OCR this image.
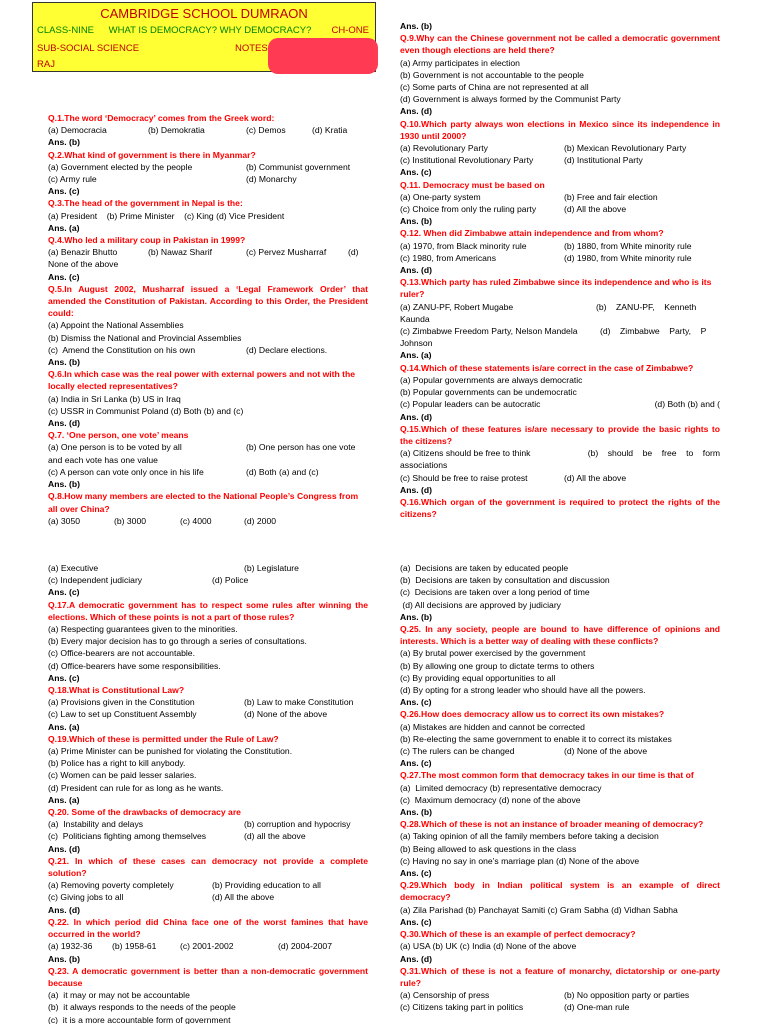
CAMBRIDGE SCHOOL DUMRAON
CLASS-NINE WHAT IS DEMOCRACY? WHY DEMOCRACY? CH-ONE
SUB-SOCIAL SCIENCE	NOTES
RAJ
Q.1.The word ‘Democracy’ comes from the Greek word:
(a) Democracia	(b) Demokratia	(c) Demos	(d) Kratia
Ans. (b)
Q.2.What kind of government is there in Myanmar?
(a) Government elected by the people	(b) Communist government
(c) Army rule	(d) Monarchy
Ans. (c)
Q.3.The head of the government in Nepal is the:
(a) President    (b) Prime Minister    (c) King (d) Vice President
Ans. (a)
Q.4.Who led a military coup in Pakistan in 1999?
(a) Benazir Bhutto	(b) Nawaz Sharif	(c) Pervez Musharraf	(d)
None of the above
Ans. (c)
Q.5.In August 2002, Musharraf issued a ‘Legal Framework Order’ that amended the Constitution of Pakistan. According to this Order, the President could:
(a) Appoint the National Assemblies
(b) Dismiss the National and Provincial Assemblies
(c)  Amend the Constitution on his own	(d) Declare elections.
Ans. (b)
Q.6.In which case was the real power with external powers and not with the locally elected representatives?
(a) India in Sri Lanka (b) US in Iraq
(c) USSR in Communist Poland (d) Both (b) and (c)
Ans. (d)
Q.7. ‘One person, one vote’ means
(a) One person is to be voted by all	(b) One person has one vote
and each vote has one value
(c) A person can vote only once in his life	(d) Both (a) and (c)
Ans. (b)
Q.8.How many members are elected to the National People’s Congress from all over China?
(a) 3050	(b) 3000	(c) 4000	(d) 2000
Ans. (b)
Q.9.Why can the Chinese government not be called a democratic government even though elections are held there?
(a) Army participates in election
(b) Government is not accountable to the people
(c) Some parts of China are not represented at all
(d) Government is always formed by the Communist Party
Ans. (d)
Q.10.Which party always won elections in Mexico since its independence in 1930 until 2000?
(a) Revolutionary Party	(b) Mexican Revolutionary Party
(c) Institutional Revolutionary Party	(d) Institutional Party
Ans. (c)
Q.11. Democracy must be based on
(a) One-party system	(b) Free and fair election
(c) Choice from only the ruling party	(d) All the above
Ans. (b)
Q.12. When did Zimbabwe attain independence and from whom?
(a) 1970, from Black minority rule	(b) 1880, from White minority rule
(c) 1980, from Americans	(d) 1980, from White minority rule
Ans. (d)
Q.13.Which party has ruled Zimbabwe since its independence and who is its ruler?
(a) ZANU-PF, Robert Mugabe	(b)    ZANU-PF,    Kenneth
Kaunda
(c) Zimbabwe Freedom Party, Nelson Mandela	(d)    Zimbabwe    Party,    P
Johnson
Ans. (a)
Q.14.Which of these statements is/are correct in the case of Zimbabwe?
(a) Popular governments are always democratic
(b) Popular governments can be undemocratic
(c) Popular leaders can be autocratic	(d) Both (b) and (
Ans. (d)
Q.15.Which of these features is/are necessary to provide the basic rights to the citizens?
(a) Citizens should be free to think	(b)    should    be    free    to    form
associations
(c) Should be free to raise protest	(d) All the above
Ans. (d)
Q.16.Which organ of the government is required to protect the rights of the citizens?
(a) Executive	(b) Legislature
(c) Independent judiciary	(d) Police
Ans. (c)
Q.17.A democratic government has to respect some rules after winning the elections. Which of these points is not a part of those rules?
(a) Respecting guarantees given to the minorities.
(b) Every major decision has to go through a series of consultations.
(c) Office-bearers are not accountable.
(d) Office-bearers have some responsibilities.
Ans. (c)
Q.18.What is Constitutional Law?
(a) Provisions given in the Constitution	(b) Law to make Constitution
(c) Law to set up Constituent Assembly	(d) None of the above
Ans. (a)
Q.19.Which of these is permitted under the Rule of Law?
(a) Prime Minister can be punished for violating the Constitution.
(b) Police has a right to kill anybody.
(c) Women can be paid lesser salaries.
(d) President can rule for as long as he wants.
Ans. (a)
Q.20. Some of the drawbacks of democracy are
(a)  Instability and delays	(b) corruption and hypocrisy
(c)  Politicians fighting among themselves	(d) all the above
Ans. (d)
Q.21. In which of these cases can democracy not provide a complete solution?
(a) Removing poverty completely	(b) Providing education to all
(c) Giving jobs to all	(d) All the above
Ans. (d)
Q.22. In which period did China face one of the worst famines that have occurred in the world?
(a) 1932-36	(b) 1958-61	(c) 2001-2002	(d) 2004-2007
Ans. (b)
Q.23. A democratic government is better than a non-democratic government because
(a)  it may or may not be accountable
(b)  it always responds to the needs of the people
(c)  it is a more accountable form of government
(a)  Decisions are taken by educated people
(b)  Decisions are taken by consultation and discussion
(c)  Decisions are taken over a long period of time
(d) All decisions are approved by judiciary
Ans. (b)
Q.25. In any society, people are bound to have difference of opinions and interests. Which is a better way of dealing with these conflicts?
(a) By brutal power exercised by the government
(b) By allowing one group to dictate terms to others
(c) By providing equal opportunities to all
(d) By opting for a strong leader who should have all the powers.
Ans. (c)
Q.26.How does democracy allow us to correct its own mistakes?
(a) Mistakes are hidden and cannot be corrected
(b) Re-electing the same government to enable it to correct its mistakes
(c) The rulers can be changed	(d) None of the above
Ans. (c)
Q.27.The most common form that democracy takes in our time is that of
(a)  Limited democracy (b) representative democracy
(c)  Maximum democracy (d) none of the above
Ans. (b)
Q.28.Which of these is not an instance of broader meaning of democracy?
(a) Taking opinion of all the family members before taking a decision
(b) Being allowed to ask questions in the class
(c) Having no say in one’s marriage plan (d) None of the above
Ans. (c)
Q.29.Which body in Indian political system is an example of direct democracy?
(a) Zila Parishad (b) Panchayat Samiti (c) Gram Sabha (d) Vidhan Sabha
Ans. (c)
Q.30.Which of these is an example of perfect democracy?
(a) USA (b) UK (c) India (d) None of the above
Ans. (d)
Q.31.Which of these is not a feature of monarchy, dictatorship or one-party rule?
(a) Censorship of press	(b) No opposition party or parties
(c) Citizens taking part in politics	(d) One-man rule
